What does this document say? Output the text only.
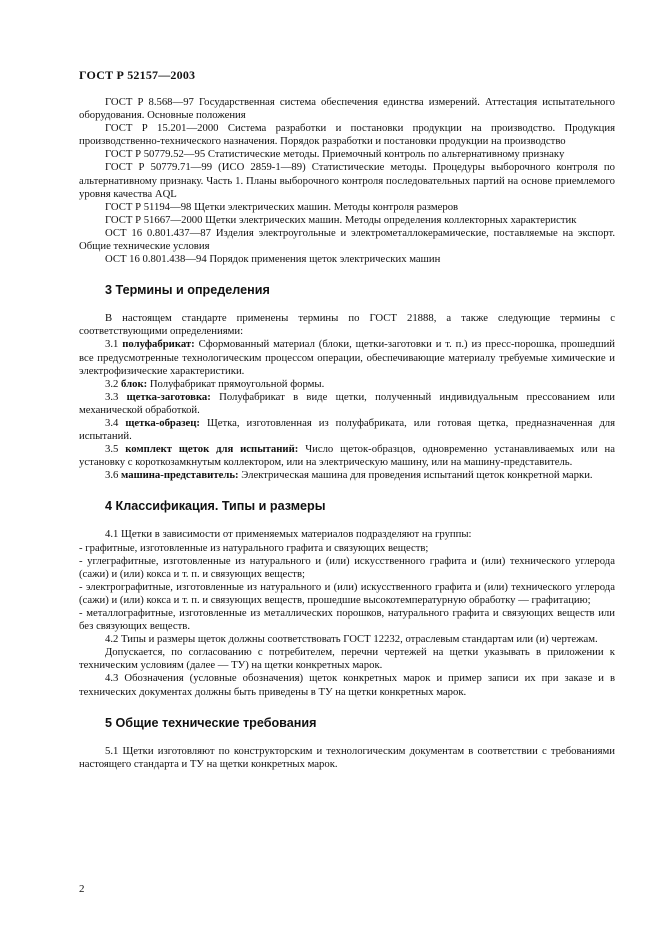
ГОСТ Р 52157—2003

ГОСТ Р 8.568—97 Государственная система обеспечения единства измерений. Аттестация испытательного оборудования. Основные положения

ГОСТ Р 15.201—2000 Система разработки и постановки продукции на производство. Продукция производственно-технического назначения. Порядок разработки и постановки продукции на производство

ГОСТ Р 50779.52—95 Статистические методы. Приемочный контроль по альтернативному признаку

ГОСТ Р 50779.71—99 (ИСО 2859-1—89) Статистические методы. Процедуры выборочного контроля по альтернативному признаку. Часть 1. Планы выборочного контроля последовательных партий на основе приемлемого уровня качества AQL

ГОСТ Р 51194—98 Щетки электрических машин. Методы контроля размеров

ГОСТ Р 51667—2000 Щетки электрических машин. Методы определения коллекторных характеристик

ОСТ 16 0.801.437—87 Изделия электроугольные и электрометаллокерамические, поставляемые на экспорт. Общие технические условия

ОСТ 16 0.801.438—94 Порядок применения щеток электрических машин

3 Термины и определения

В настоящем стандарте применены термины по ГОСТ 21888, а также следующие термины с соответствующими определениями:

3.1 полуфабрикат: Сформованный материал (блоки, щетки-заготовки и т. п.) из пресс-порошка, прошедший все предусмотренные технологическим процессом операции, обеспечивающие материалу требуемые химические и электрофизические характеристики.

3.2 блок: Полуфабрикат прямоугольной формы.

3.3 щетка-заготовка: Полуфабрикат в виде щетки, полученный индивидуальным прессованием или механической обработкой.

3.4 щетка-образец: Щетка, изготовленная из полуфабриката, или готовая щетка, предназначенная для испытаний.

3.5 комплект щеток для испытаний: Число щеток-образцов, одновременно устанавливаемых или на установку с короткозамкнутым коллектором, или на электрическую машину, или на машину-представитель.

3.6 машина-представитель: Электрическая машина для проведения испытаний щеток конкретной марки.

4 Классификация. Типы и размеры

4.1 Щетки в зависимости от применяемых материалов подразделяют на группы:

- графитные, изготовленные из натурального графита и связующих веществ;

- углеграфитные, изготовленные из натурального и (или) искусственного графита и (или) технического углерода (сажи) и (или) кокса и т. п. и связующих веществ;

- электрографитные, изготовленные из натурального и (или) искусственного графита и (или) технического углерода (сажи) и (или) кокса и т. п. и связующих веществ, прошедшие высокотемпературную обработку — графитацию;

- металлографитные, изготовленные из металлических порошков, натурального графита и связующих веществ или без связующих веществ.

4.2 Типы и размеры щеток должны соответствовать ГОСТ 12232, отраслевым стандартам или (и) чертежам.

Допускается, по согласованию с потребителем, перечни чертежей на щетки указывать в приложении к техническим условиям (далее — ТУ) на щетки конкретных марок.

4.3 Обозначения (условные обозначения) щеток конкретных марок и пример записи их при заказе и в технических документах должны быть приведены в ТУ на щетки конкретных марок.

5 Общие технические требования

5.1 Щетки изготовляют по конструкторским и технологическим документам в соответствии с требованиями настоящего стандарта и ТУ на щетки конкретных марок.

2
